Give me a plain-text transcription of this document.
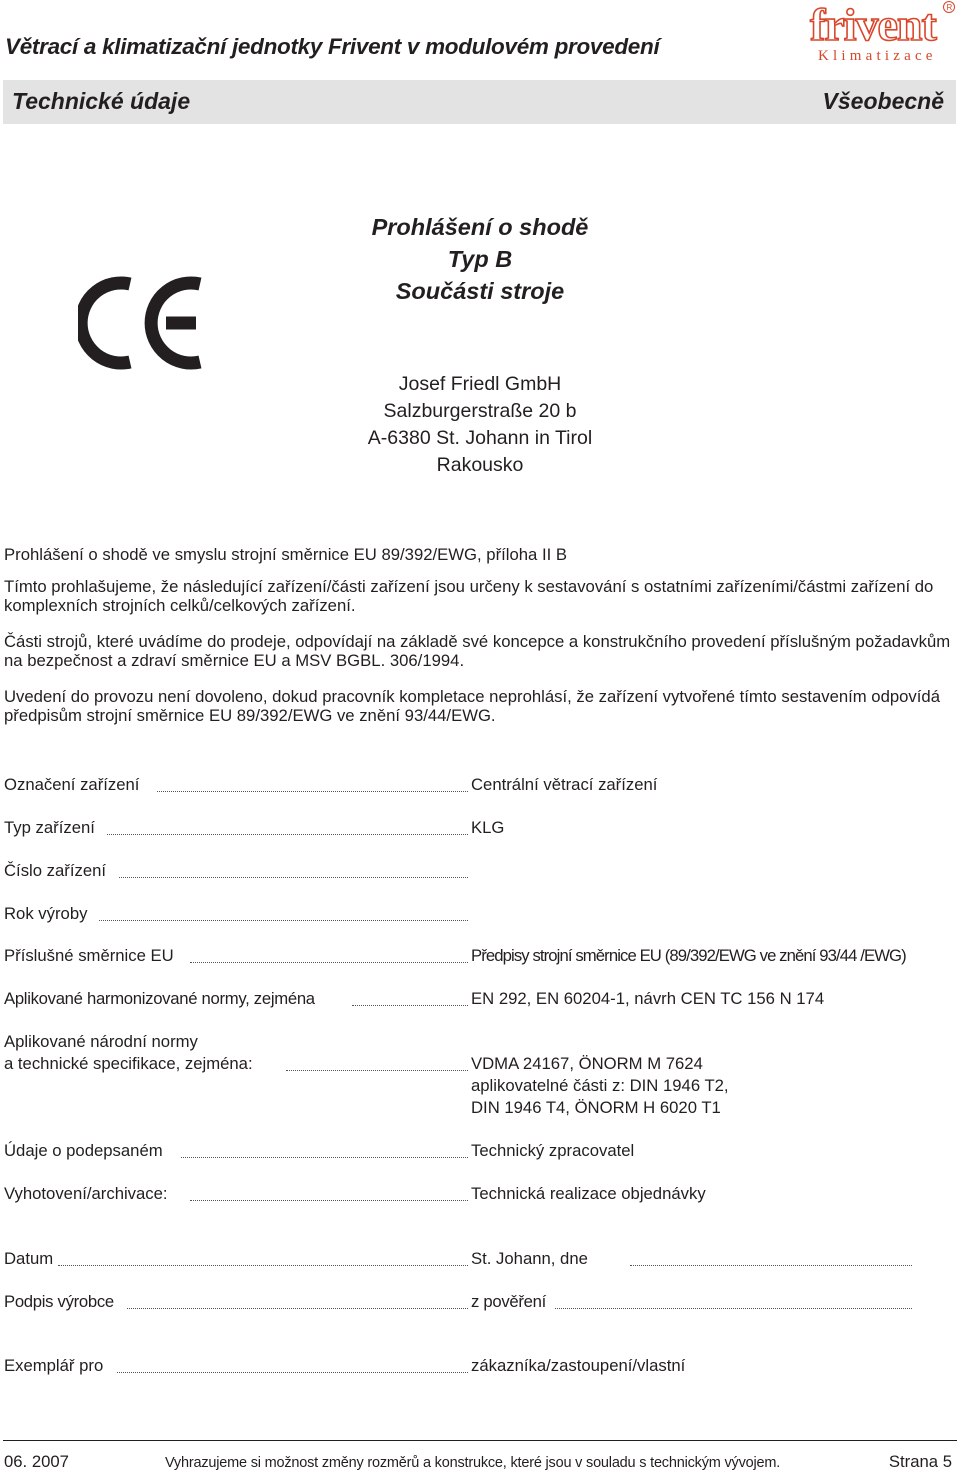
Větrací a klimatizační jednotky Frivent v modulovém provedení	frivent R
Klimatizace
Technické údaje	Všeobecně
Prohlášení o shodě
Typ B
Součásti stroje
Josef Friedl GmbH
Salzburgerstraße 20 b
A-6380 St. Johann in Tirol
Rakousko
Prohlášení o shodě ve smyslu strojní směrnice EU 89/392/EWG, příloha II B
Tímto prohlašujeme, že následující zařízení/části zařízení jsou určeny k sestavování s ostatními zařízeními/částmi zařízení do komplexních strojních celků/celkových zařízení.
Části strojů, které uvádíme do prodeje, odpovídají na základě své koncepce a konstrukčního provedení příslušným požadavkům na bezpečnost a zdraví směrnice EU a MSV BGBL. 306/1994.
Uvedení do provozu není dovoleno, dokud pracovník kompletace neprohlásí, že zařízení vytvořené tímto sestavením odpovídá předpisům strojní směrnice EU 89/392/EWG ve znění 93/44/EWG.
Označení zařízení	Centrální větrací zařízení
Typ zařízení	KLG
Číslo zařízení
Rok výroby
Příslušné směrnice EU	Předpisy strojní směrnice EU (89/392/EWG ve znění 93/44 /EWG)
Aplikované harmonizované normy, zejména	EN 292, EN 60204-1, návrh CEN TC 156 N 174
Aplikované národní normy
a technické specifikace, zejména:	VDMA 24167, ÖNORM M 7624
aplikovatelné části z: DIN 1946 T2,
DIN 1946 T4, ÖNORM H 6020 T1
Údaje o podepsaném	Technický zpracovatel
Vyhotovení/archivace:	Technická realizace objednávky
Datum	St. Johann, dne
Podpis výrobce	z pověření
Exemplář pro	zákazníka/zastoupení/vlastní
06. 2007	Vyhrazujeme si možnost změny rozměrů a konstrukce, které jsou v souladu s technickým vývojem.	Strana 5
